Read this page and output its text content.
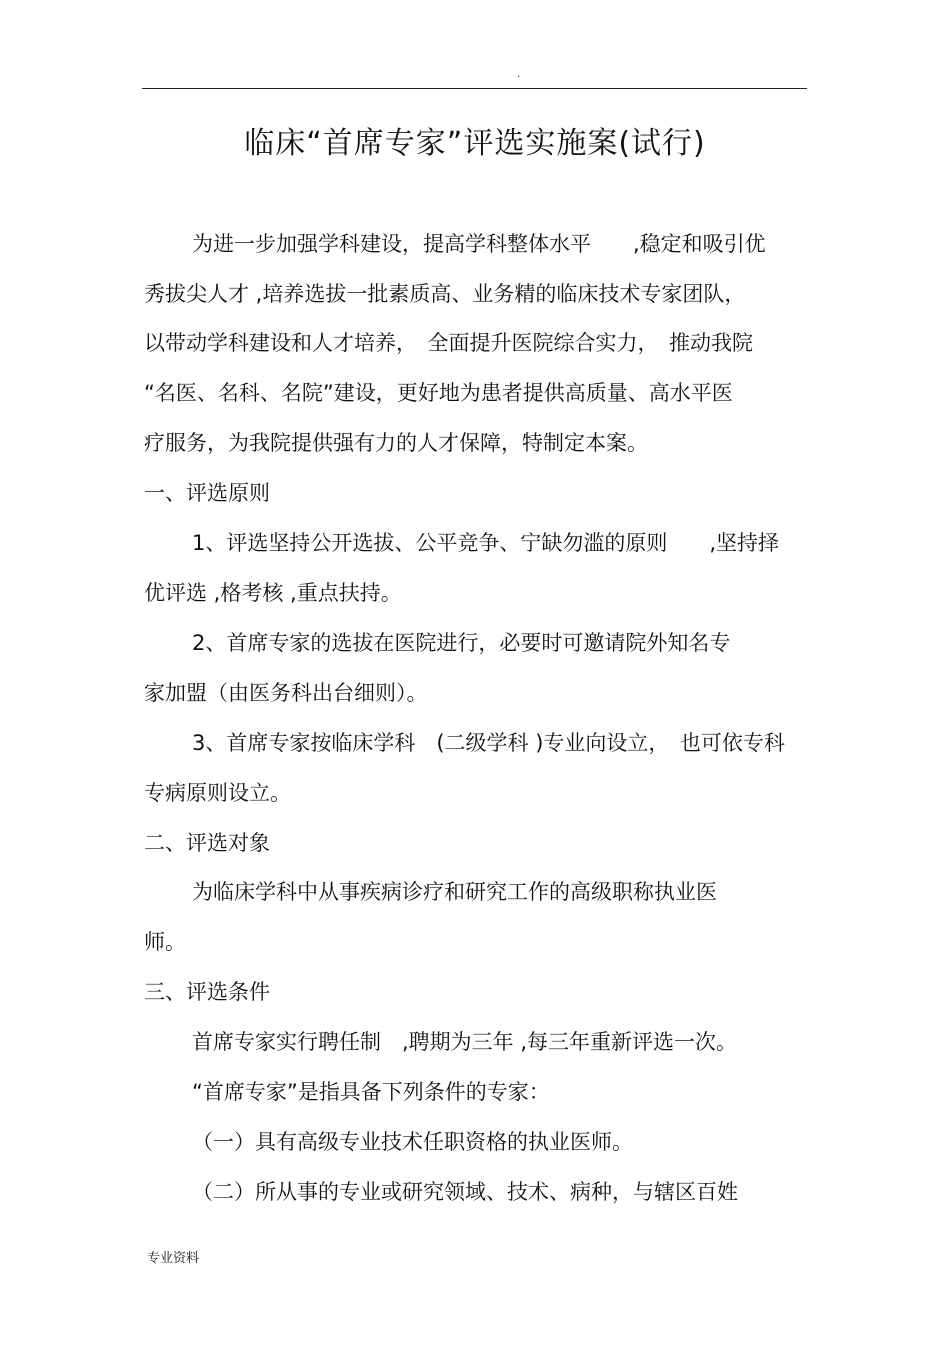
.
临床“首席专家”评选实施案(试行)
为进一步加强学科建设，提高学科整体水平　　,稳定和吸引优
秀拔尖人才 ,培养选拔一批素质高、业务精的临床技术专家团队，
以带动学科建设和人才培养，　全面提升医院综合实力，　推动我院
“名医、名科、名院”建设，更好地为患者提供高质量、高水平医
疗服务，为我院提供强有力的人才保障，特制定本案。
一、评选原则
1、评选坚持公开选拔、公平竞争、宁缺勿滥的原则　　,坚持择
优评选 ,格考核 ,重点扶持。
2、首席专家的选拔在医院进行，必要时可邀请院外知名专
家加盟（由医务科出台细则）。
3、首席专家按临床学科　(二级学科 )专业向设立，　也可依专科
专病原则设立。
二、评选对象
为临床学科中从事疾病诊疗和研究工作的高级职称执业医
师。
三、评选条件
首席专家实行聘任制　,聘期为三年 ,每三年重新评选一次。
“首席专家”是指具备下列条件的专家：
（一）具有高级专业技术任职资格的执业医师。
（二）所从事的专业或研究领域、技术、病种，与辖区百姓
专业资料
